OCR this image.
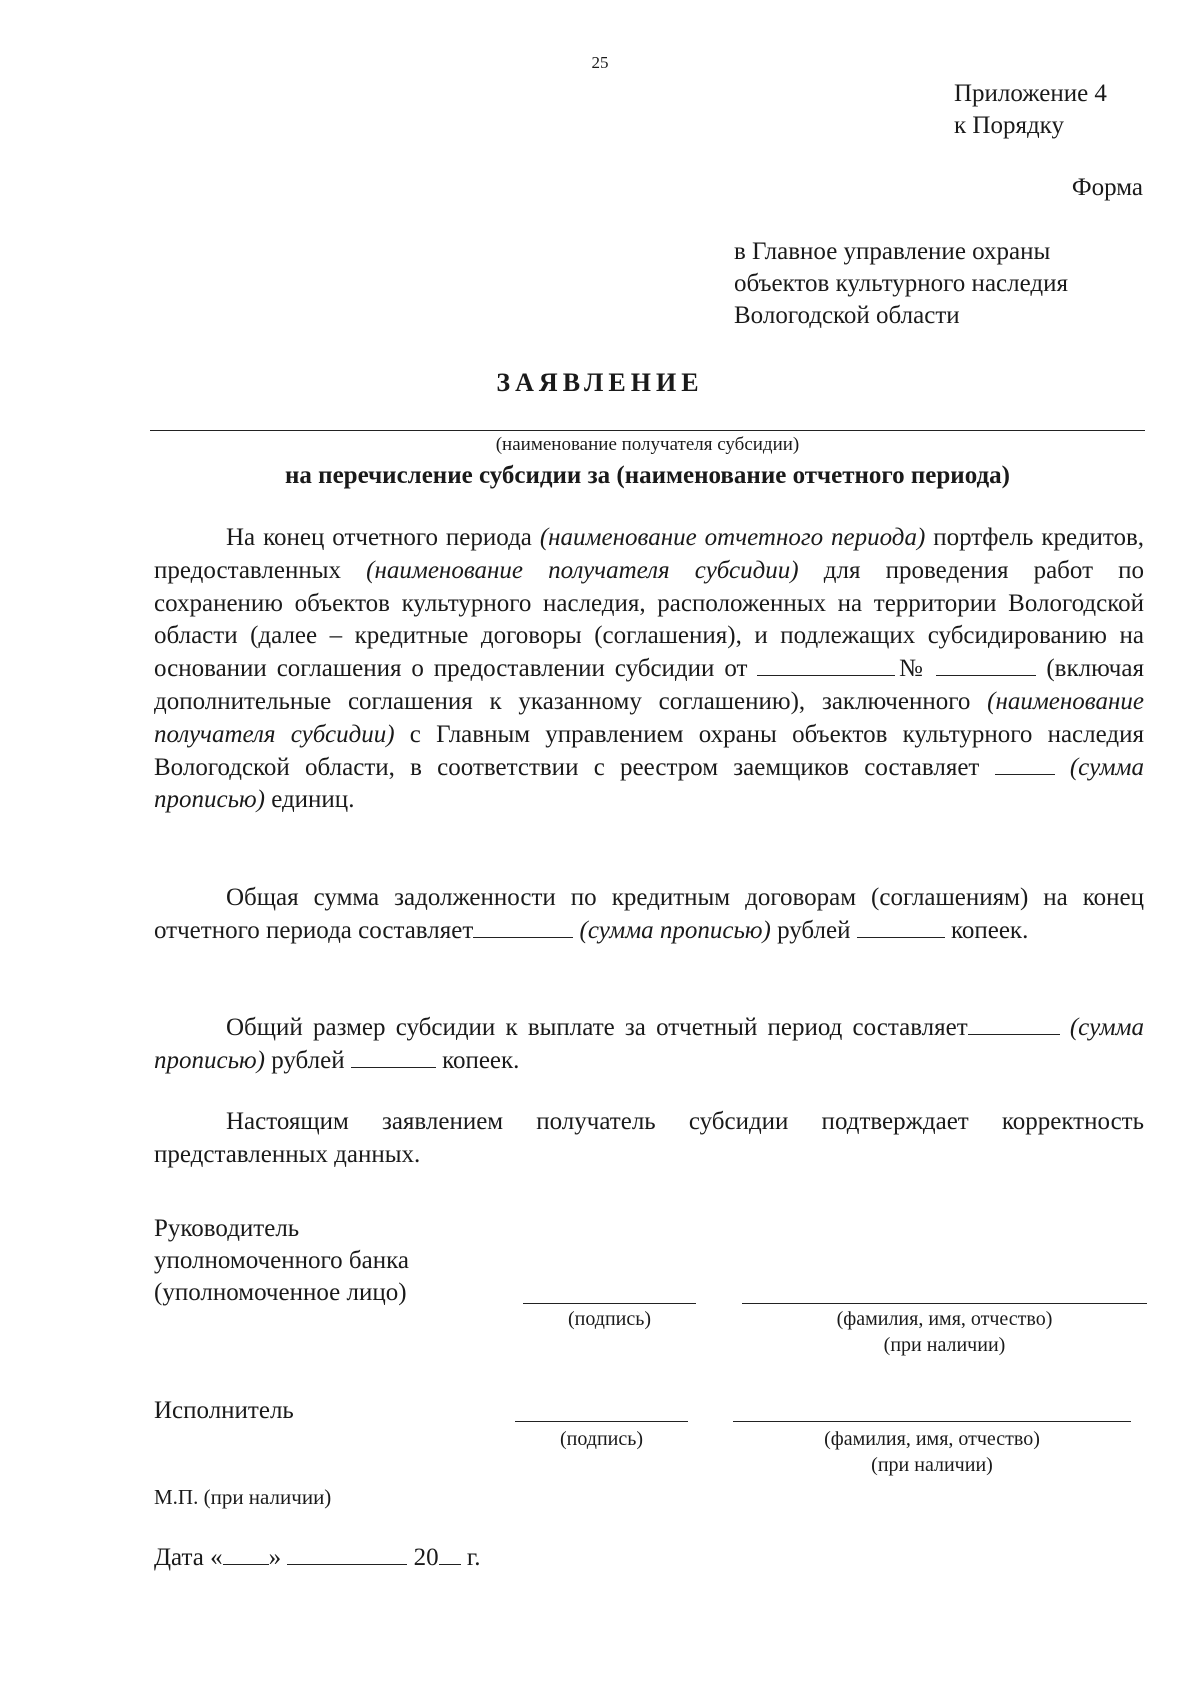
25
Приложение 4
к Порядку
Форма
в Главное управление охраны
объектов культурного наследия
Вологодской области
ЗАЯВЛЕНИЕ
(наименование получателя субсидии)
на перечисление субсидии за (наименование отчетного периода)

На конец отчетного периода (наименование отчетного периода) портфель кредитов, предоставленных (наименование получателя субсидии) для проведения работ по сохранению объектов культурного наследия, расположенных на территории Вологодской области (далее – кредитные договоры (соглашения), и подлежащих субсидированию на основании соглашения о предоставлении субсидии от	№	(включая дополнительные соглашения к указанному соглашению), заключенного (наименование получателя субсидии) с Главным управлением охраны объектов культурного наследия Вологодской области, в соответствии с реестром заемщиков составляет	(сумма прописью) единиц.

Общая сумма задолженности по кредитным договорам (соглашениям) на конец отчетного периода составляет	(сумма прописью) рублей	копеек.

Общий размер субсидии к выплате за отчетный период составляет	(сумма прописью) рублей	копеек.

Настоящим заявлением получатель субсидии подтверждает корректность представленных данных.

Руководитель
уполномоченного банка
(уполномоченное лицо)
(подпись)	(фамилия, имя, отчество)
(при наличии)
Исполнитель
(подпись)	(фамилия, имя, отчество)
(при наличии)
М.П. (при наличии)
Дата « »	20 г.
